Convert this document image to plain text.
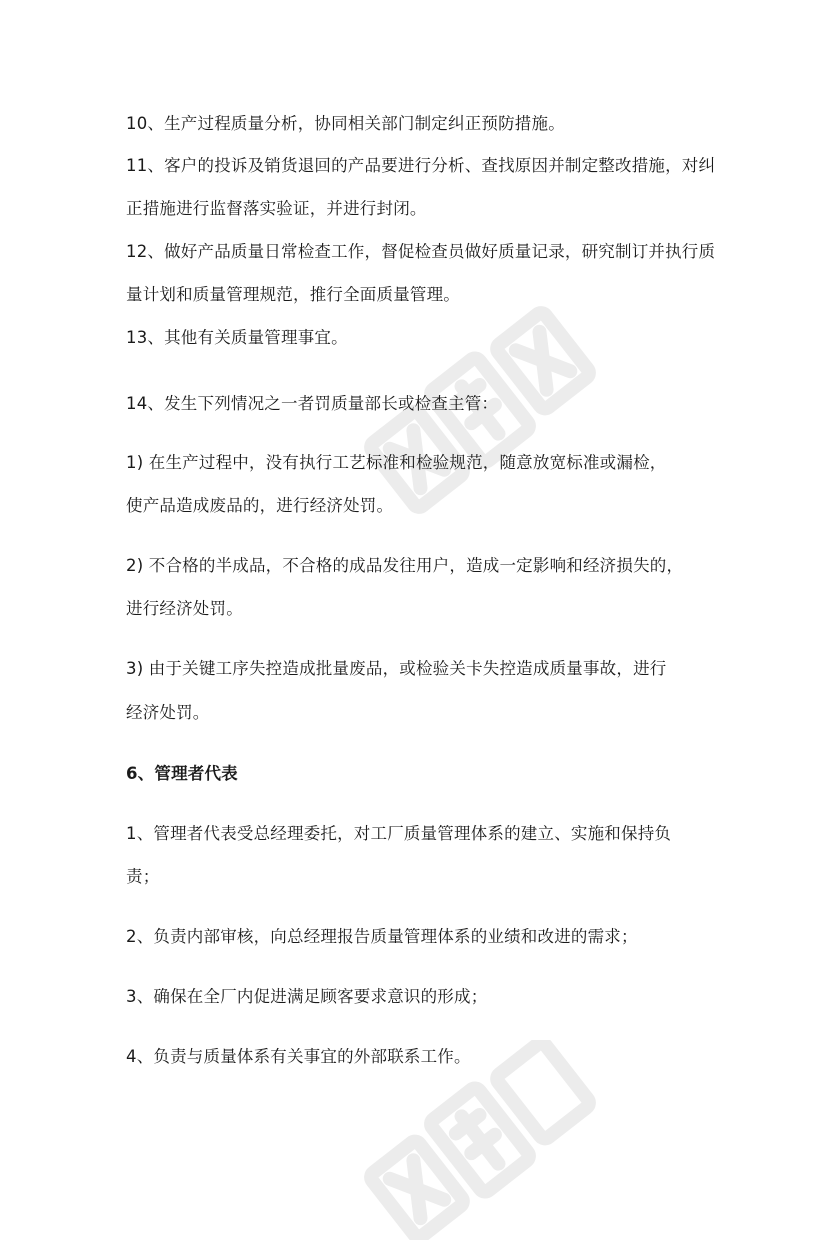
10、生产过程质量分析，协同相关部门制定纠正预防措施。
11、客户的投诉及销货退回的产品要进行分析、查找原因并制定整改措施，对纠
正措施进行监督落实验证，并进行封闭。
12、做好产品质量日常检查工作，督促检查员做好质量记录，研究制订并执行质
量计划和质量管理规范，推行全面质量管理。
13、其他有关质量管理事宜。
14、发生下列情况之一者罚质量部长或检查主管：
1) 在生产过程中，没有执行工艺标准和检验规范，随意放宽标准或漏检，
使产品造成废品的，进行经济处罚。
2) 不合格的半成品，不合格的成品发往用户，造成一定影响和经济损失的，
进行经济处罚。
3) 由于关键工序失控造成批量废品，或检验关卡失控造成质量事故，进行
经济处罚。
6、管理者代表
1、管理者代表受总经理委托，对工厂质量管理体系的建立、实施和保持负
责；
2、负责内部审核，向总经理报告质量管理体系的业绩和改进的需求；
3、确保在全厂内促进满足顾客要求意识的形成；
4、负责与质量体系有关事宜的外部联系工作。
